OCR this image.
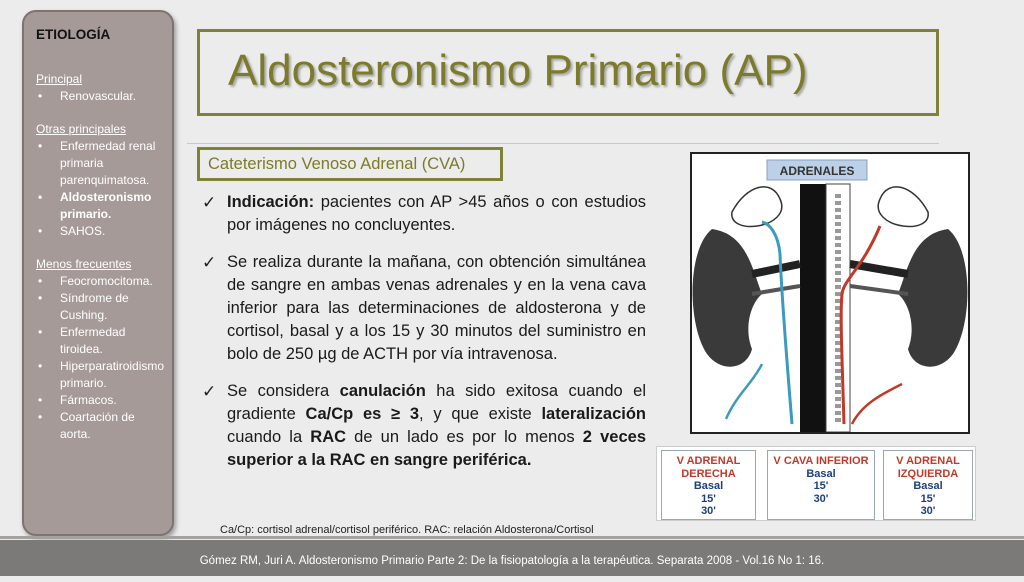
ETIOLOGÍA

Principal

• Renovascular.

Otras principales

• Enfermedad renal primaria parenquimatosa.
• Aldosteronismo primario.
• SAHOS.

Menos frecuentes

• Feocromocitoma.
• Síndrome de Cushing.
• Enfermedad tiroidea.
• Hiperparatiroidismo primario.
• Fármacos.
• Coartación de aorta.
Aldosteronismo Primario (AP)
Cateterismo Venoso Adrenal (CVA)
✓ Indicación: pacientes con AP >45 años o con estudios por imágenes no concluyentes.
✓ Se realiza durante la mañana, con obtención simultánea de sangre en ambas venas adrenales y en la vena cava inferior para las determinaciones de aldosterona y de cortisol, basal y a los 15 y 30 minutos del suministro en bolo de 250 µg de ACTH por vía intravenosa.
✓ Se considera canulación ha sido exitosa cuando el gradiente Ca/Cp es ≥ 3, y que existe lateralización cuando la RAC de un lado es por lo menos 2 veces superior a la RAC en sangre periférica.
Ca/Cp: cortisol adrenal/cortisol periférico. RAC: relación Aldosterona/Cortisol
ADRENALES
V ADRENAL
DERECHA
Basal
15'
30'
V CAVA INFERIOR
Basal
15'
30'
V ADRENAL
IZQUIERDA
Basal
15'
30'
Gómez RM, Juri A. Aldosteronismo Primario Parte 2: De la fisiopatología a la terapéutica. Separata 2008 - Vol.16 No 1: 16.
